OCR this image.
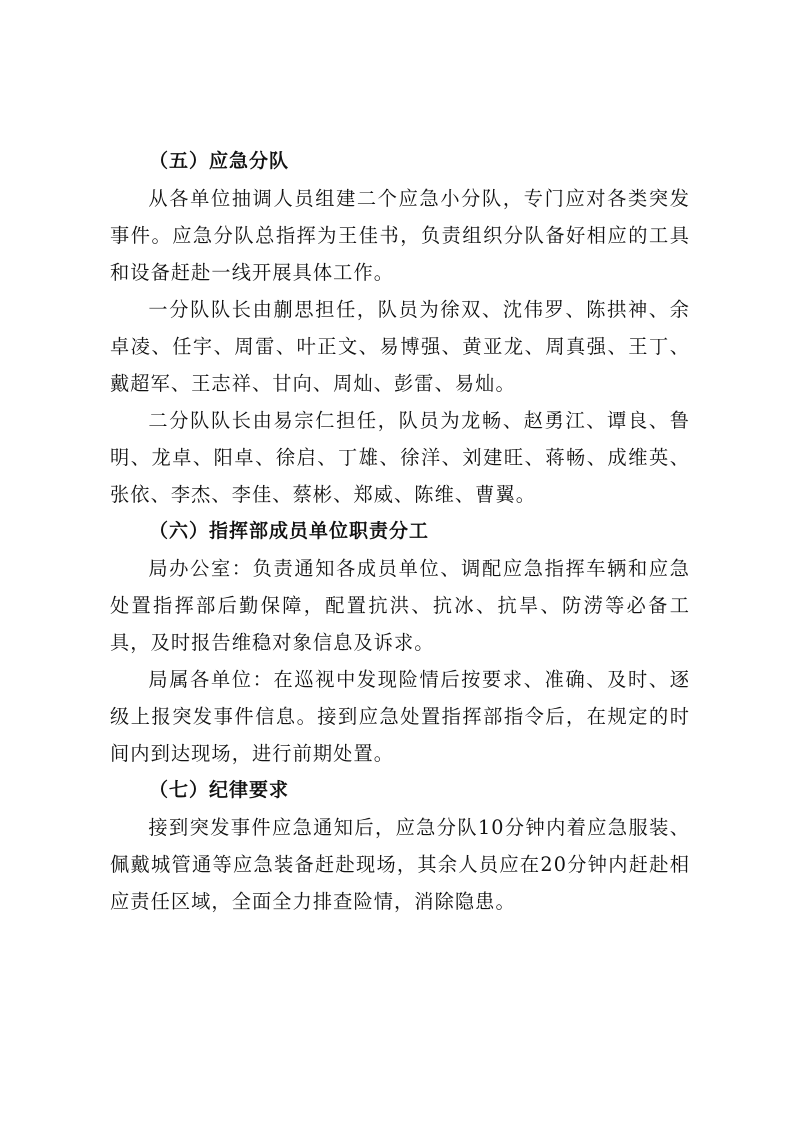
（五）应急分队

从各单位抽调人员组建二个应急小分队，专门应对各类突发事件。应急分队总指挥为王佳书，负责组织分队备好相应的工具和设备赶赴一线开展具体工作。

一分队队长由蒯思担任，队员为徐双、沈伟罗、陈拱神、余卓凌、任宇、周雷、叶正文、易博强、黄亚龙、周真强、王丁、戴超军、王志祥、甘向、周灿、彭雷、易灿。

二分队队长由易宗仁担任，队员为龙畅、赵勇江、谭良、鲁明、龙卓、阳卓、徐启、丁雄、徐洋、刘建旺、蒋畅、成维英、张依、李杰、李佳、蔡彬、郑威、陈维、曹翼。

（六）指挥部成员单位职责分工

局办公室：负责通知各成员单位、调配应急指挥车辆和应急处置指挥部后勤保障，配置抗洪、抗冰、抗旱、防涝等必备工具，及时报告维稳对象信息及诉求。

局属各单位：在巡视中发现险情后按要求、准确、及时、逐级上报突发事件信息。接到应急处置指挥部指令后，在规定的时间内到达现场，进行前期处置。

（七）纪律要求

接到突发事件应急通知后，应急分队10分钟内着应急服装、佩戴城管通等应急装备赶赴现场，其余人员应在20分钟内赶赴相应责任区域，全面全力排查险情，消除隐患。
